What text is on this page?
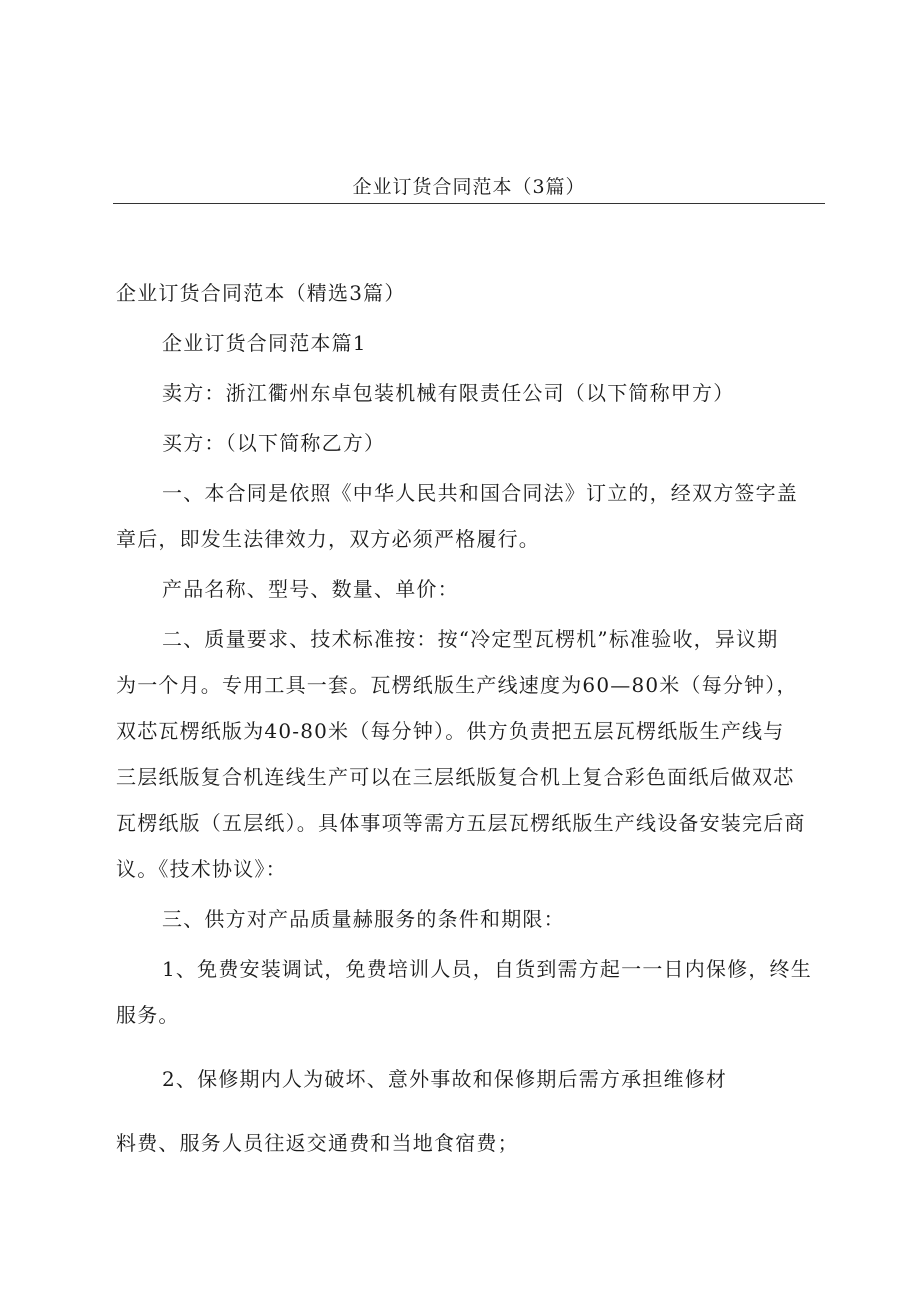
企业订货合同范本（3篇）

企业订货合同范本（精选3篇）

企业订货合同范本篇1

卖方：浙江衢州东卓包装机械有限责任公司（以下简称甲方）

买方：（以下简称乙方）

一、本合同是依照《中华人民共和国合同法》订立的，经双方签字盖

章后，即发生法律效力，双方必须严格履行。

产品名称、型号、数量、单价：

二、质量要求、技术标准按：按“冷定型瓦楞机”标准验收，异议期

为一个月。专用工具一套。瓦楞纸版生产线速度为60—80米（每分钟），

双芯瓦楞纸版为40-80米（每分钟）。供方负责把五层瓦楞纸版生产线与

三层纸版复合机连线生产可以在三层纸版复合机上复合彩色面纸后做双芯

瓦楞纸版（五层纸）。具体事项等需方五层瓦楞纸版生产线设备安装完后商

议。《技术协议》：

三、供方对产品质量赫服务的条件和期限：

1、免费安装调试，免费培训人员，自货到需方起一一日内保修，终生

服务。

2、保修期内人为破坏、意外事故和保修期后需方承担维修材

料费、服务人员往返交通费和当地食宿费；
